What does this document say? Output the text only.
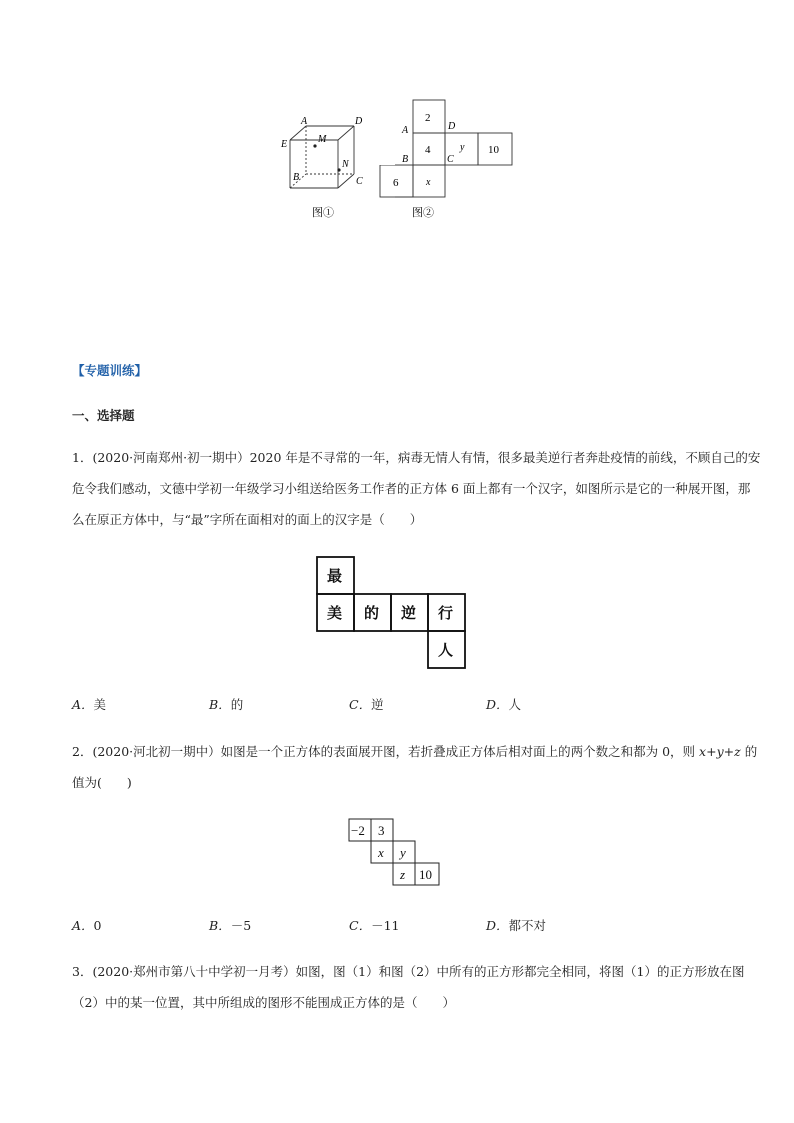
A	D
E	M
N
B	C
图①
2
4	y 10
x
A	D
B	C
图②
6
【专题训练】
一、选择题
1．(2020·河南郑州·初一期中）2020 年是不寻常的一年，病毒无情人有情，很多最美逆行者奔赴疫情的前线，不顾自己的安
危令我们感动，文德中学初一年级学习小组送给医务工作者的正方体 6 面上都有一个汉字，如图所示是它的一种展开图，那
么在原正方体中，与“最”字所在面相对的面上的汉字是（　　）
最
美 的 逆 行
人
A．美	B．的	C．逆	D．人
2．(2020·河北初一期中）如图是一个正方体的表面展开图，若折叠成正方体后相对面上的两个数之和都为 0，则 x+y+z 的
值为(　　)
−2 3
x y
z 10
A．0	B．－5	C．－11	D．都不对
3．(2020·郑州市第八十中学初一月考）如图，图（1）和图（2）中所有的正方形都完全相同，将图（1）的正方形放在图
（2）中的某一位置，其中所组成的图形不能围成正方体的是（　　）
